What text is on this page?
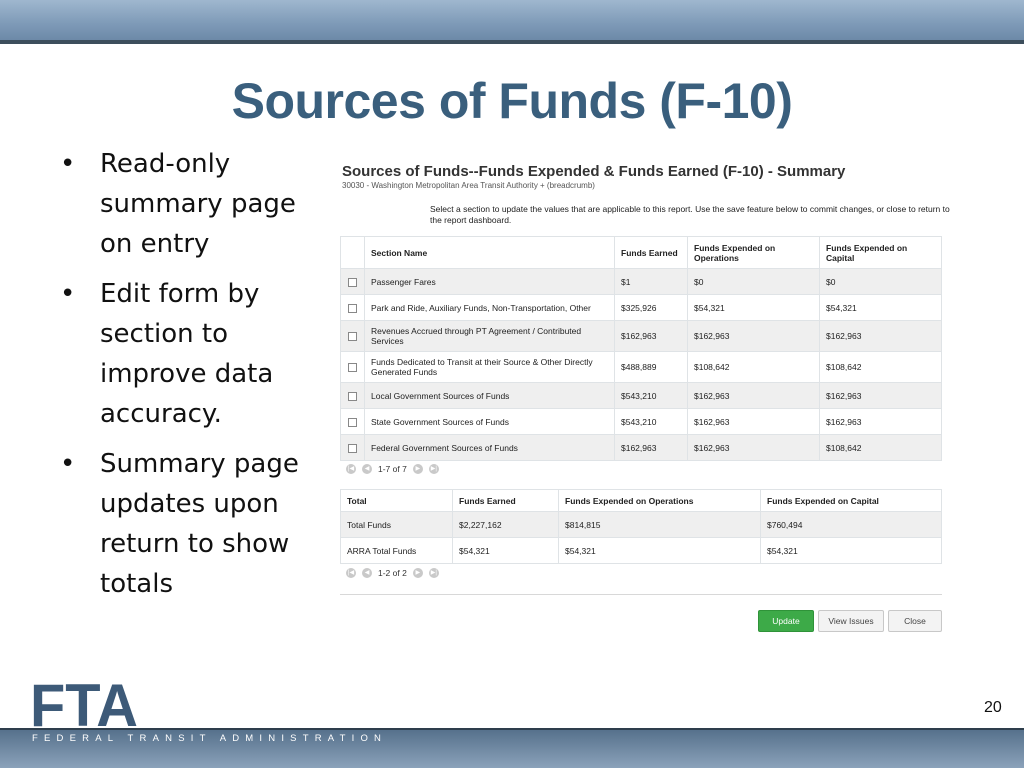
Sources of Funds (F-10)
• Read-only summary page on entry
• Edit form by section to improve data accuracy.
• Summary page updates upon return to show totals
Sources of Funds--Funds Expended & Funds Earned (F-10) - Summary
30030 - Washington Metropolitan Area Transit Authority + (breadcrumb)
Select a section to update the values that are applicable to this report. Use the save feature below to commit changes, or close to return to the report dashboard.
	Section Name	Funds Earned	Funds Expended on Operations	Funds Expended on Capital
	Passenger Fares	$1	$0	$0
	Park and Ride, Auxiliary Funds, Non-Transportation, Other	$325,926	$54,321	$54,321
	Revenues Accrued through PT Agreement / Contributed Services	$162,963	$162,963	$162,963
	Funds Dedicated to Transit at their Source & Other Directly Generated Funds	$488,889	$108,642	$108,642
	Local Government Sources of Funds	$543,210	$162,963	$162,963
	State Government Sources of Funds	$543,210	$162,963	$162,963
	Federal Government Sources of Funds	$162,963	$162,963	$108,642
|◀	◀	1-7 of 7	▶	▶|
Total	Funds Earned	Funds Expended on Operations	Funds Expended on Capital
Total Funds	$2,227,162	$814,815	$760,494
ARRA Total Funds	$54,321	$54,321	$54,321
|◀	◀	1-2 of 2	▶	▶|
Update	View Issues	Close
FTA
FEDERAL TRANSIT ADMINISTRATION
20
